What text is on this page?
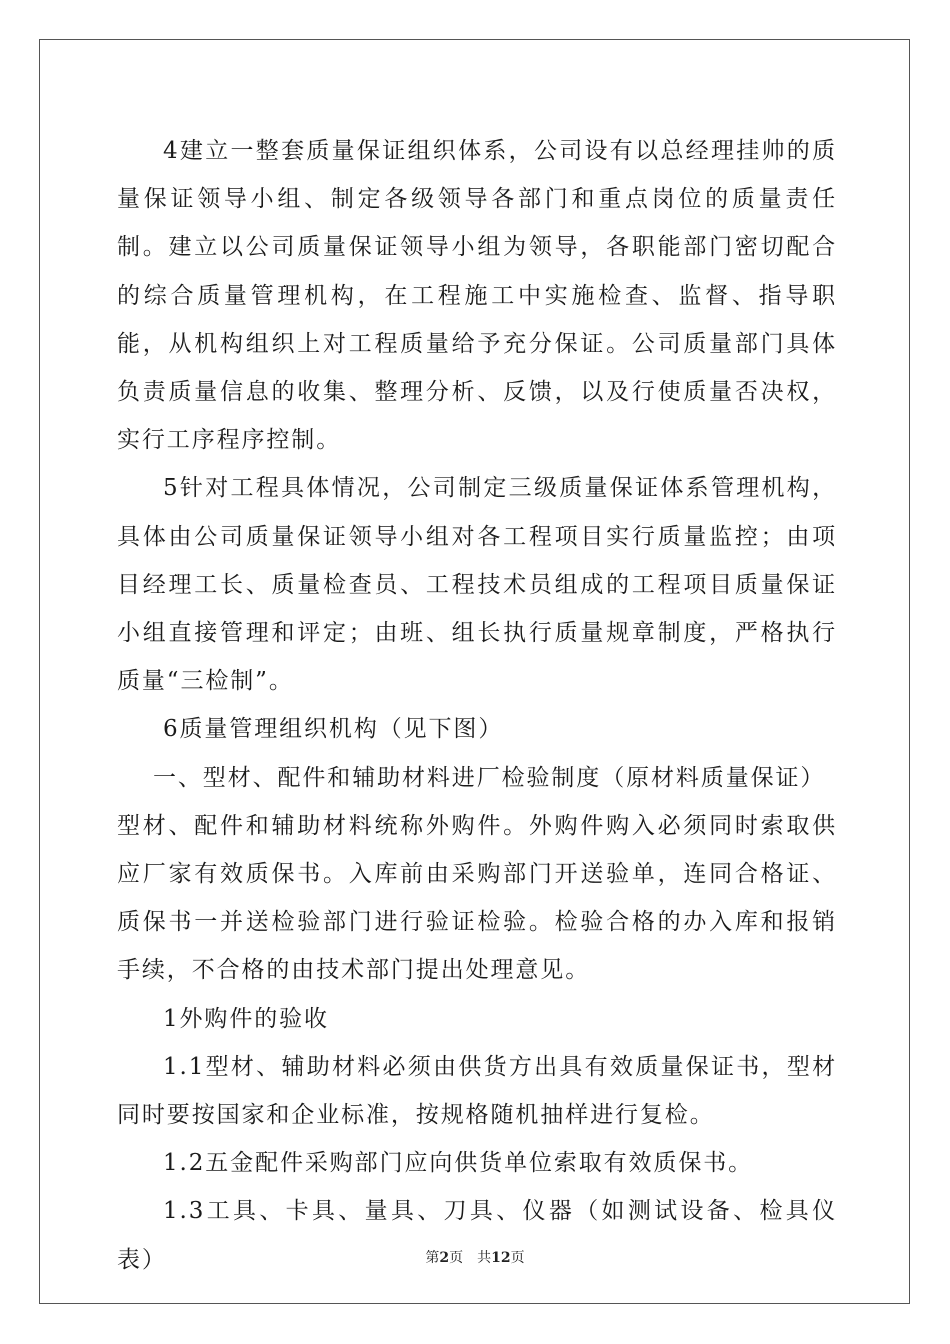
4建立一整套质量保证组织体系，公司设有以总经理挂帅的质量保证领导小组、制定各级领导各部门和重点岗位的质量责任制。建立以公司质量保证领导小组为领导，各职能部门密切配合的综合质量管理机构，在工程施工中实施检查、监督、指导职能，从机构组织上对工程质量给予充分保证。公司质量部门具体负责质量信息的收集、整理分析、反馈，以及行使质量否决权，实行工序程序控制。

5针对工程具体情况，公司制定三级质量保证体系管理机构，具体由公司质量保证领导小组对各工程项目实行质量监控；由项目经理工长、质量检查员、工程技术员组成的工程项目质量保证小组直接管理和评定；由班、组长执行质量规章制度，严格执行质量“三检制”。

6质量管理组织机构（见下图）

一、型材、配件和辅助材料进厂检验制度（原材料质量保证）

型材、配件和辅助材料统称外购件。外购件购入必须同时索取供应厂家有效质保书。入库前由采购部门开送验单，连同合格证、质保书一并送检验部门进行验证检验。检验合格的办入库和报销手续，不合格的由技术部门提出处理意见。

1外购件的验收

1.1型材、辅助材料必须由供货方出具有效质量保证书，型材同时要按国家和企业标准，按规格随机抽样进行复检。

1.2五金配件采购部门应向供货单位索取有效质保书。

1.3工具、卡具、量具、刀具、仪器（如测试设备、检具仪表）	第2页 共12页
